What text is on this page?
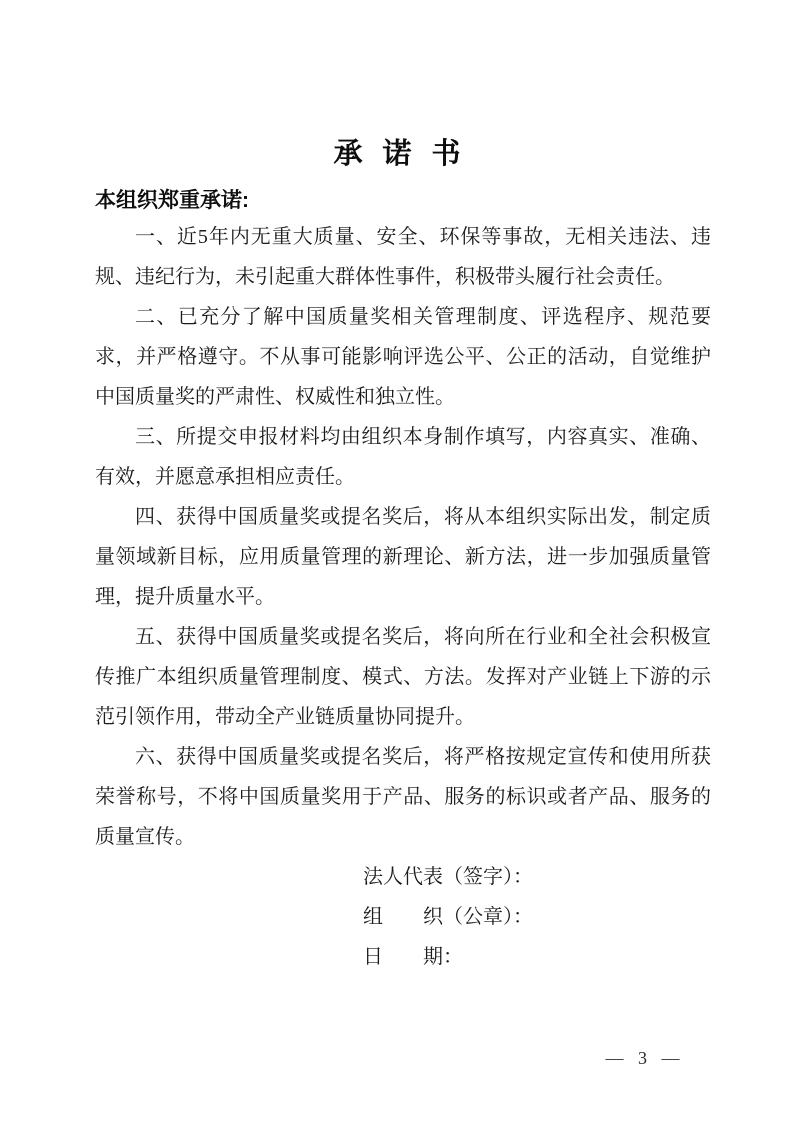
承 诺 书

本组织郑重承诺:

一、近5年内无重大质量、安全、环保等事故，无相关违法、违规、违纪行为，未引起重大群体性事件，积极带头履行社会责任。

二、已充分了解中国质量奖相关管理制度、评选程序、规范要求，并严格遵守。不从事可能影响评选公平、公正的活动，自觉维护中国质量奖的严肃性、权威性和独立性。

三、所提交申报材料均由组织本身制作填写，内容真实、准确、有效，并愿意承担相应责任。

四、获得中国质量奖或提名奖后，将从本组织实际出发，制定质量领域新目标，应用质量管理的新理论、新方法，进一步加强质量管理，提升质量水平。

五、获得中国质量奖或提名奖后，将向所在行业和全社会积极宣传推广本组织质量管理制度、模式、方法。发挥对产业链上下游的示范引领作用，带动全产业链质量协同提升。

六、获得中国质量奖或提名奖后，将严格按规定宣传和使用所获荣誉称号，不将中国质量奖用于产品、服务的标识或者产品、服务的质量宣传。

法人代表（签字）：

组　　织（公章）：

日　　期：

— 3 —
